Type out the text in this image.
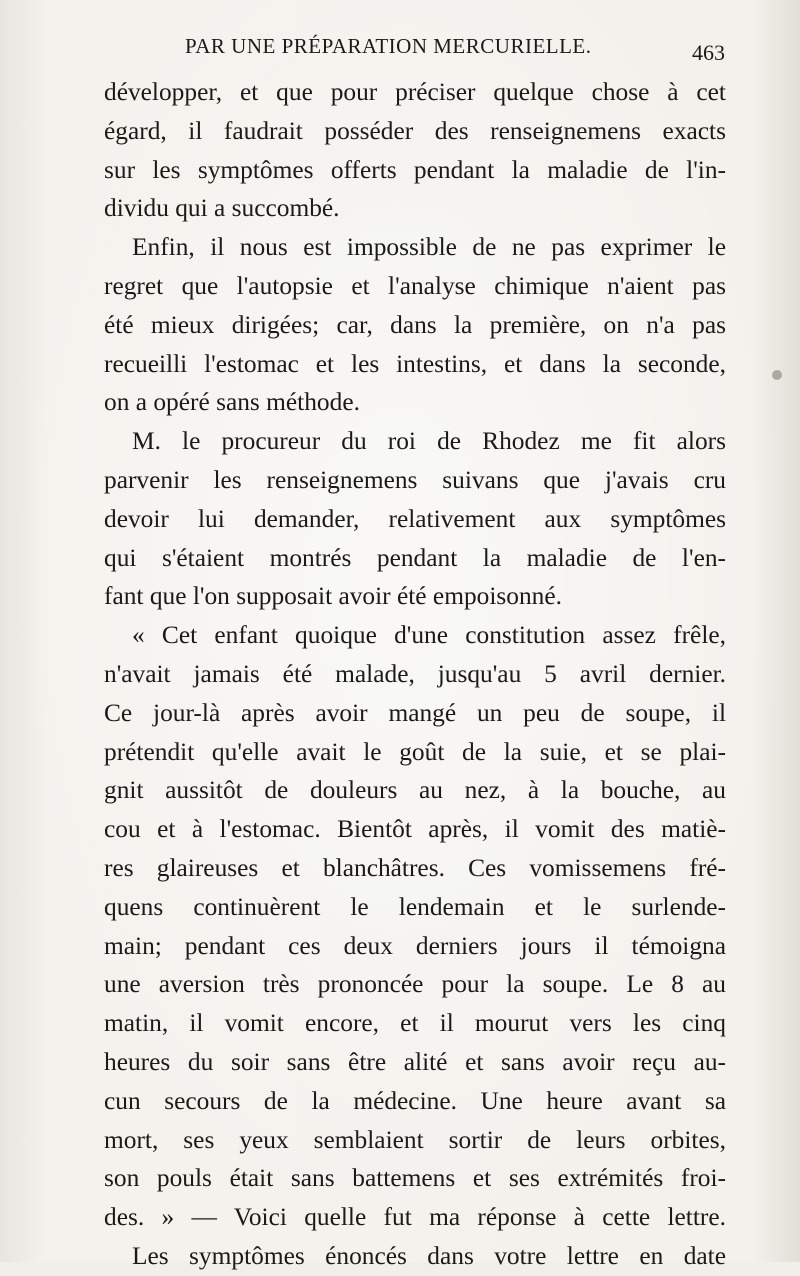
PAR UNE PRÉPARATION MERCURIELLE.	463
développer, et que pour préciser quelque chose à cet
égard, il faudrait posséder des renseignemens exacts
sur les symptômes offerts pendant la maladie de l'in-
dividu qui a succombé.
Enfin, il nous est impossible de ne pas exprimer le
regret que l'autopsie et l'analyse chimique n'aient pas
été mieux dirigées; car, dans la première, on n'a pas
recueilli l'estomac et les intestins, et dans la seconde,
on a opéré sans méthode.
M. le procureur du roi de Rhodez me fit alors
parvenir les renseignemens suivans que j'avais cru
devoir lui demander, relativement aux symptômes
qui s'étaient montrés pendant la maladie de l'en-
fant que l'on supposait avoir été empoisonné.
« Cet enfant quoique d'une constitution assez frêle,
n'avait jamais été malade, jusqu'au 5 avril dernier.
Ce jour-là après avoir mangé un peu de soupe, il
prétendit qu'elle avait le goût de la suie, et se plai-
gnit aussitôt de douleurs au nez, à la bouche, au
cou et à l'estomac. Bientôt après, il vomit des matiè-
res glaireuses et blanchâtres. Ces vomissemens fré-
quens continuèrent le lendemain et le surlende-
main; pendant ces deux derniers jours il témoigna
une aversion très prononcée pour la soupe. Le 8 au
matin, il vomit encore, et il mourut vers les cinq
heures du soir sans être alité et sans avoir reçu au-
cun secours de la médecine. Une heure avant sa
mort, ses yeux semblaient sortir de leurs orbites,
son pouls était sans battemens et ses extrémités froi-
des. » — Voici quelle fut ma réponse à cette lettre.
Les symptômes énoncés dans votre lettre en date
